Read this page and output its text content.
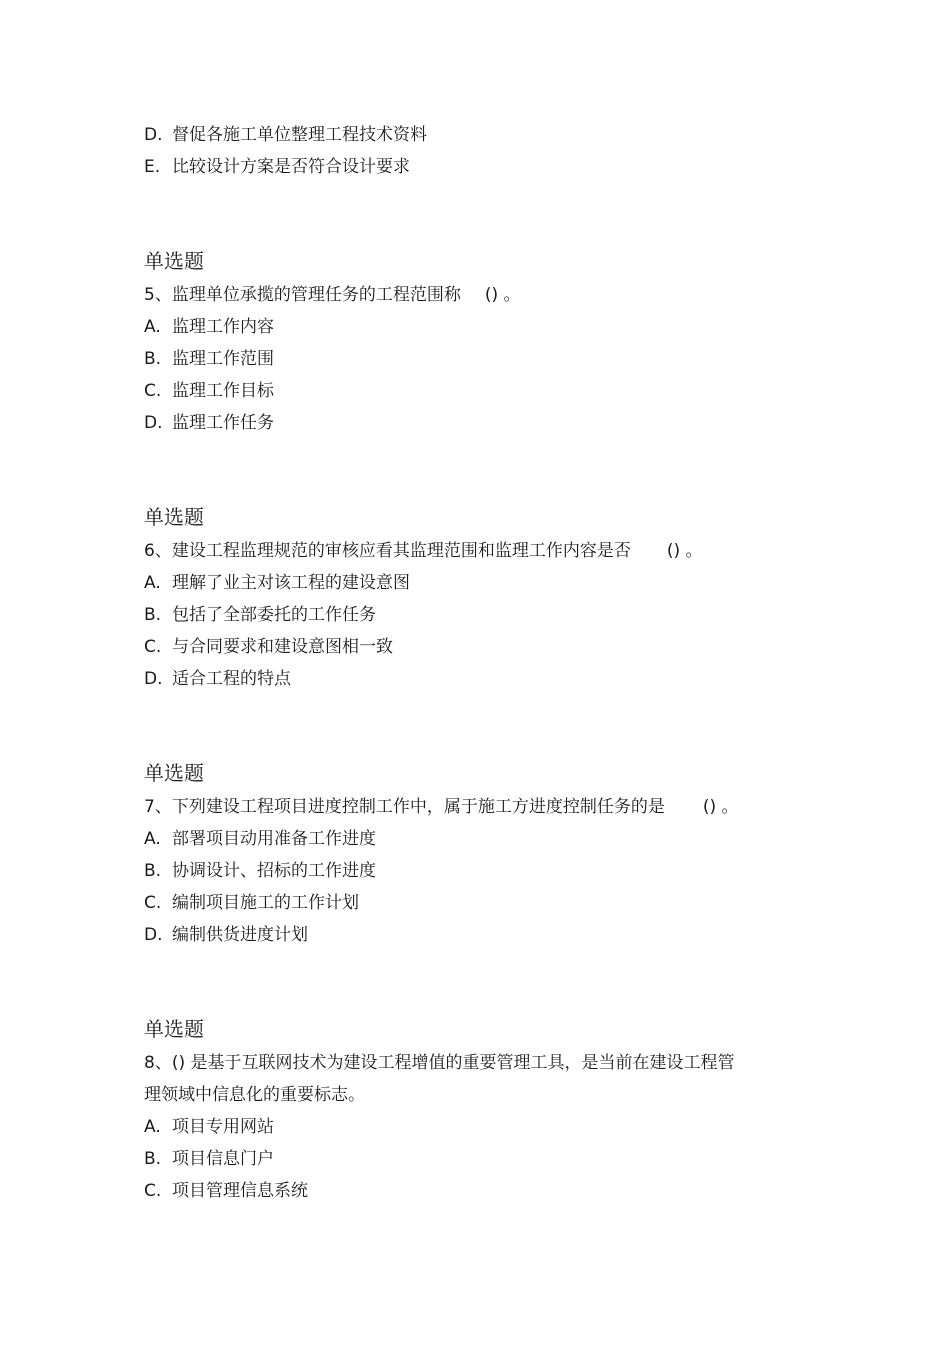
D. 督促各施工单位整理工程技术资料
E. 比较设计方案是否符合设计要求
单选题
5、监理单位承揽的管理任务的工程范围称 () 。
A. 监理工作内容
B. 监理工作范围
C. 监理工作目标
D. 监理工作任务
单选题
6、建设工程监理规范的审核应看其监理范围和监理工作内容是否 () 。
A. 理解了业主对该工程的建设意图
B. 包括了全部委托的工作任务
C. 与合同要求和建设意图相一致
D. 适合工程的特点
单选题
7、下列建设工程项目进度控制工作中，属于施工方进度控制任务的是 () 。
A. 部署项目动用准备工作进度
B. 协调设计、招标的工作进度
C. 编制项目施工的工作计划
D. 编制供货进度计划
单选题
8、() 是基于互联网技术为建设工程增值的重要管理工具，是当前在建设工程管
理领域中信息化的重要标志。
A. 项目专用网站
B. 项目信息门户
C. 项目管理信息系统
